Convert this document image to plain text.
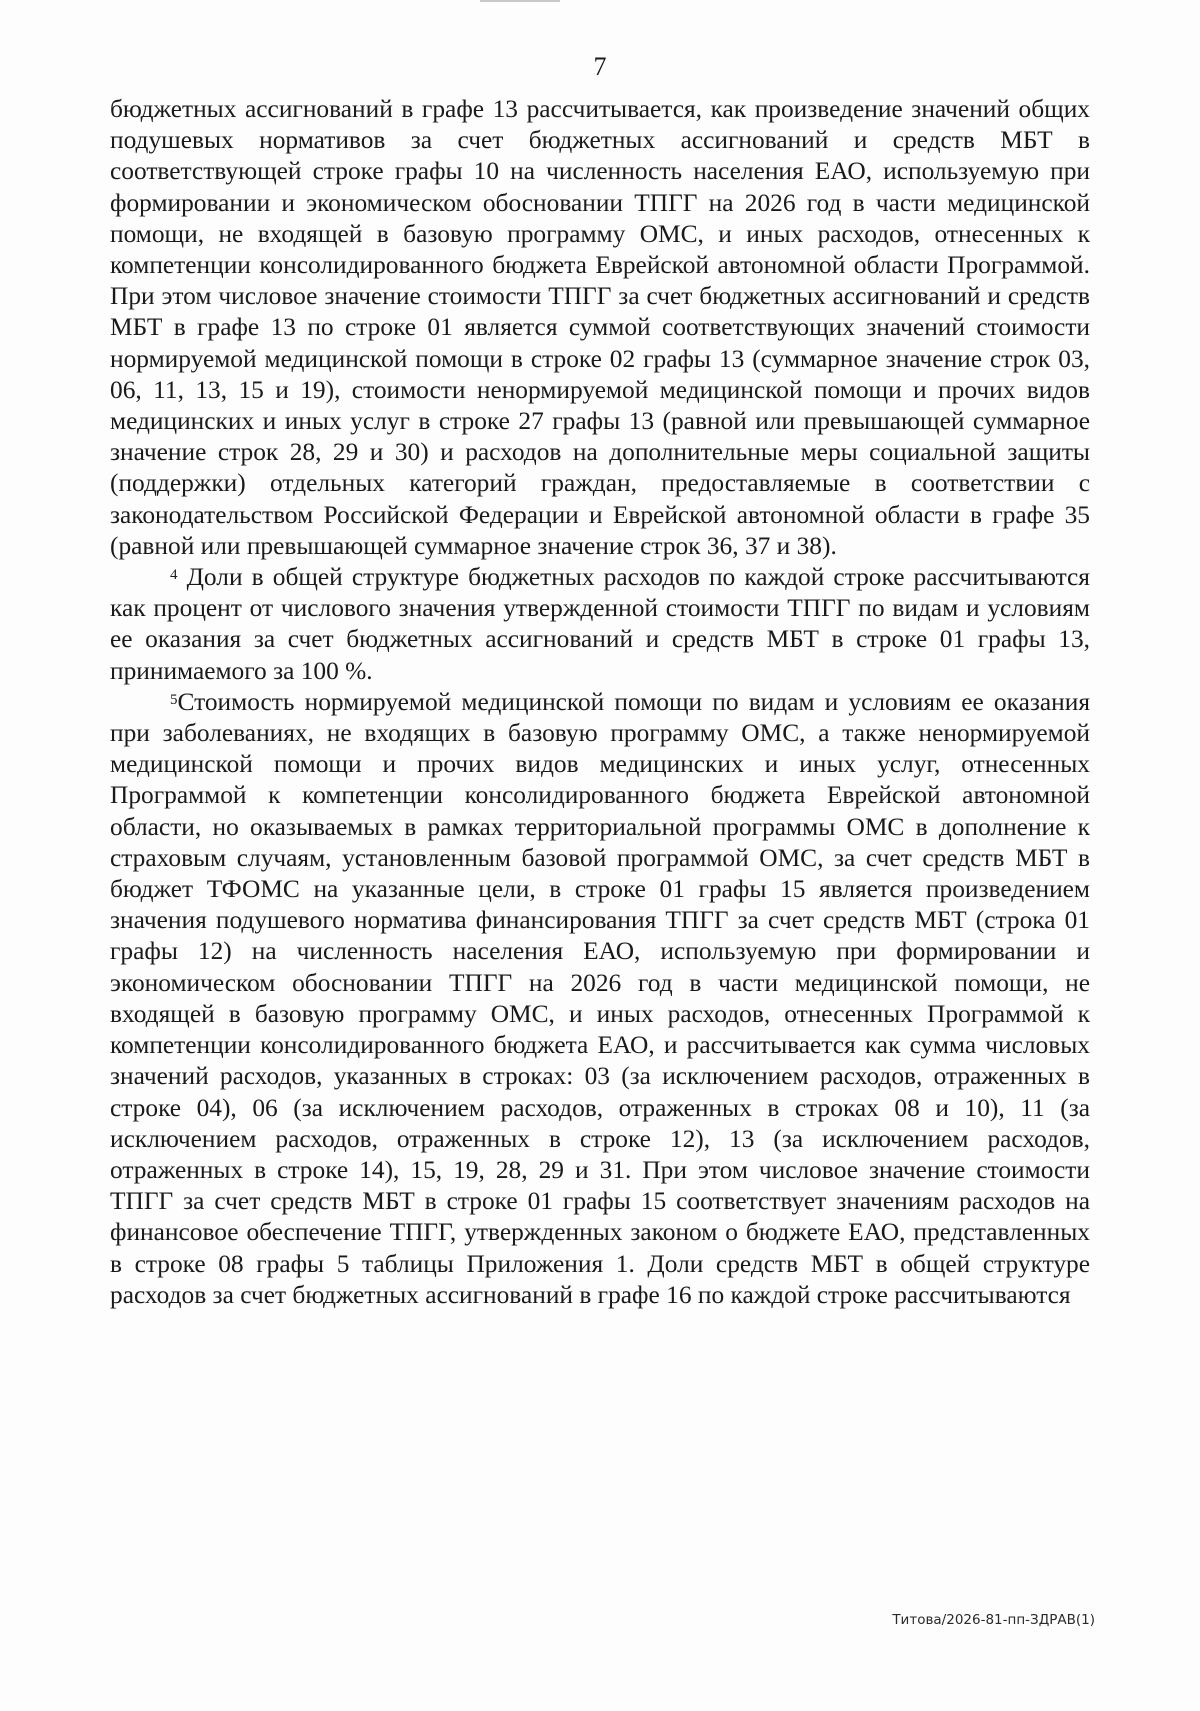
7

бюджетных ассигнований в графе 13 рассчитывается, как произведение значений общих подушевых нормативов за счет бюджетных ассигнований и средств МБТ в соответствующей строке графы 10 на численность населения ЕАО, используемую при формировании и экономическом обосновании ТПГГ на 2026 год в части медицинской помощи, не входящей в базовую программу ОМС, и иных расходов, отнесенных к компетенции консолидированного бюджета Еврейской автономной области Программой. При этом числовое значение стоимости ТПГГ за счет бюджетных ассигнований и средств МБТ в графе 13 по строке 01 является суммой соответствующих значений стоимости нормируемой медицинской помощи в строке 02 графы 13 (суммарное значение строк 03, 06, 11, 13, 15 и 19), стоимости ненормируемой медицинской помощи и прочих видов медицинских и иных услуг в строке 27 графы 13 (равной или превышающей суммарное значение строк 28, 29 и 30) и расходов на дополнительные меры социальной защиты (поддержки) отдельных категорий граждан, предоставляемые в соответствии с законодательством Российской Федерации и Еврейской автономной области в графе 35 (равной или превышающей суммарное значение строк 36, 37 и 38).

$^4$ Доли в общей структуре бюджетных расходов по каждой строке рассчитываются как процент от числового значения утвержденной стоимости ТПГГ по видам и условиям ее оказания за счет бюджетных ассигнований и средств МБТ в строке 01 графы 13, принимаемого за 100 %.

$^5$Стоимость нормируемой медицинской помощи по видам и условиям ее оказания при заболеваниях, не входящих в базовую программу ОМС, а также ненормируемой медицинской помощи и прочих видов медицинских и иных услуг, отнесенных Программой к компетенции консолидированного бюджета Еврейской автономной области, но оказываемых в рамках территориальной программы ОМС в дополнение к страховым случаям, установленным базовой программой ОМС, за счет средств МБТ в бюджет ТФОМС на указанные цели, в строке 01 графы 15 является произведением значения подушевого норматива финансирования ТПГГ за счет средств МБТ (строка 01 графы 12) на численность населения ЕАО, используемую при формировании и экономическом обосновании ТПГГ на 2026 год в части медицинской помощи, не входящей в базовую программу ОМС, и иных расходов, отнесенных Программой к компетенции консолидированного бюджета ЕАО, и рассчитывается как сумма числовых значений расходов, указанных в строках: 03 (за исключением расходов, отраженных в строке 04), 06 (за исключением расходов, отраженных в строках 08 и 10), 11 (за исключением расходов, отраженных в строке 12), 13 (за исключением расходов, отраженных в строке 14), 15, 19, 28, 29 и 31. При этом числовое значение стоимости ТПГГ за счет средств МБТ в строке 01 графы 15 соответствует значениям расходов на финансовое обеспечение ТПГГ, утвержденных законом о бюджете ЕАО, представленных в строке 08 графы 5 таблицы Приложения 1. Доли средств МБТ в общей структуре расходов за счет бюджетных ассигнований в графе 16 по каждой строке рассчитываются

Титова/2026-81-пп-ЗДРАВ(1)
